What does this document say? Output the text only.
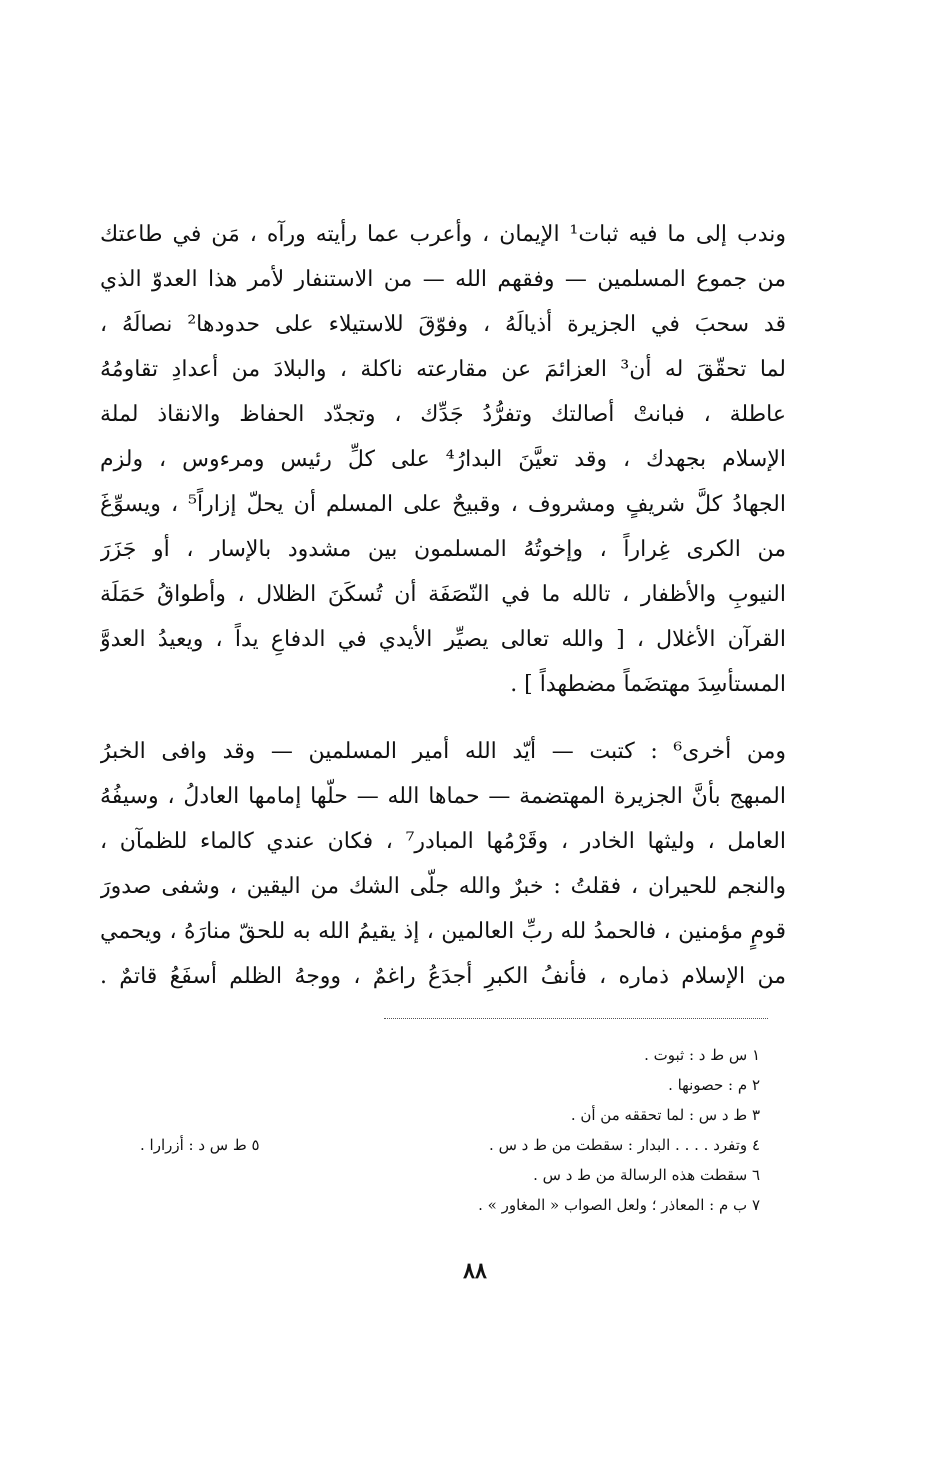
وندب إلى ما فيه ثبات¹ الإيمان ، وأعرب عما رأيته ورآه ، مَن في طاعتك
من جموع المسلمين — وفقهم الله — من الاستنفار لأمر هذا العدوّ الذي
قد سحبَ في الجزيرة أذيالَهُ ، وفوّقَ للاستيلاء على حدودها² نصالَهُ ،
لما تحقّقَ له أن³ العزائمَ عن مقارعته ناكلة ، والبلادَ من أعدادِ تقاومُهُ
عاطلة ، فبانتْ أصالتك وتفرُّدُ جَدِّك ، وتجدّد الحفاظ والانقاذ لملة
الإسلام بجهدك ، وقد تعيَّنَ البدارُ⁴ على كلِّ رئيس ومرءوس ، ولزم
الجهادُ كلَّ شريفٍ ومشروف ، وقبيحٌ على المسلم أن يحلّ إزاراً⁵ ، ويسوِّغَ
من الكرى غِراراً ، وإخوتُهُ المسلمون بين مشدود بالإسار ، أو جَزَرَ
النيوبِ والأظفار ، تالله ما في النّصَفَة أن تُسكَنَ الظلال ، وأطواقُ حَمَلَة
القرآن الأغلال ، [ والله تعالى يصيِّر الأيدي في الدفاعِ يداً ، ويعيدُ العدوَّ
المستأسِدَ مهتضَماً مضطهداً ] .
ومن أخرى⁶ : كتبت — أيّد الله أمير المسلمين — وقد وافى الخبرُ
المبهج بأنَّ الجزيرة المهتضمة — حماها الله — حلّها إمامها العادلُ ، وسيفُهُ
العامل ، وليثها الخادر ، وقَرْمُها المبادر⁷ ، فكان عندي كالماء للظمآن ،
والنجم للحيران ، فقلتُ : خبرٌ والله جلّى الشك من اليقين ، وشفى صدورَ
قومٍ مؤمنين ، فالحمدُ لله ربِّ العالمين ، إذ يقيمُ الله به للحقّ منارَهُ ، ويحمي
من الإسلام ذماره ، فأنفُ الكبرِ أجدَعُ راغمٌ ، ووجهُ الظلم أسفَعُ قاتمٌ .
١ س ط د : ثبوت .
٢ م : حصونها .
٣ ط د س : لما تحققه من أن .
٤ وتفرد . . . . البدار : سقطت من ط د س .
٥ ط س د : أزرارا .
٦ سقطت هذه الرسالة من ط د س .
٧ ب م : المعاذر ؛ ولعل الصواب « المغاور » .
٨٨
